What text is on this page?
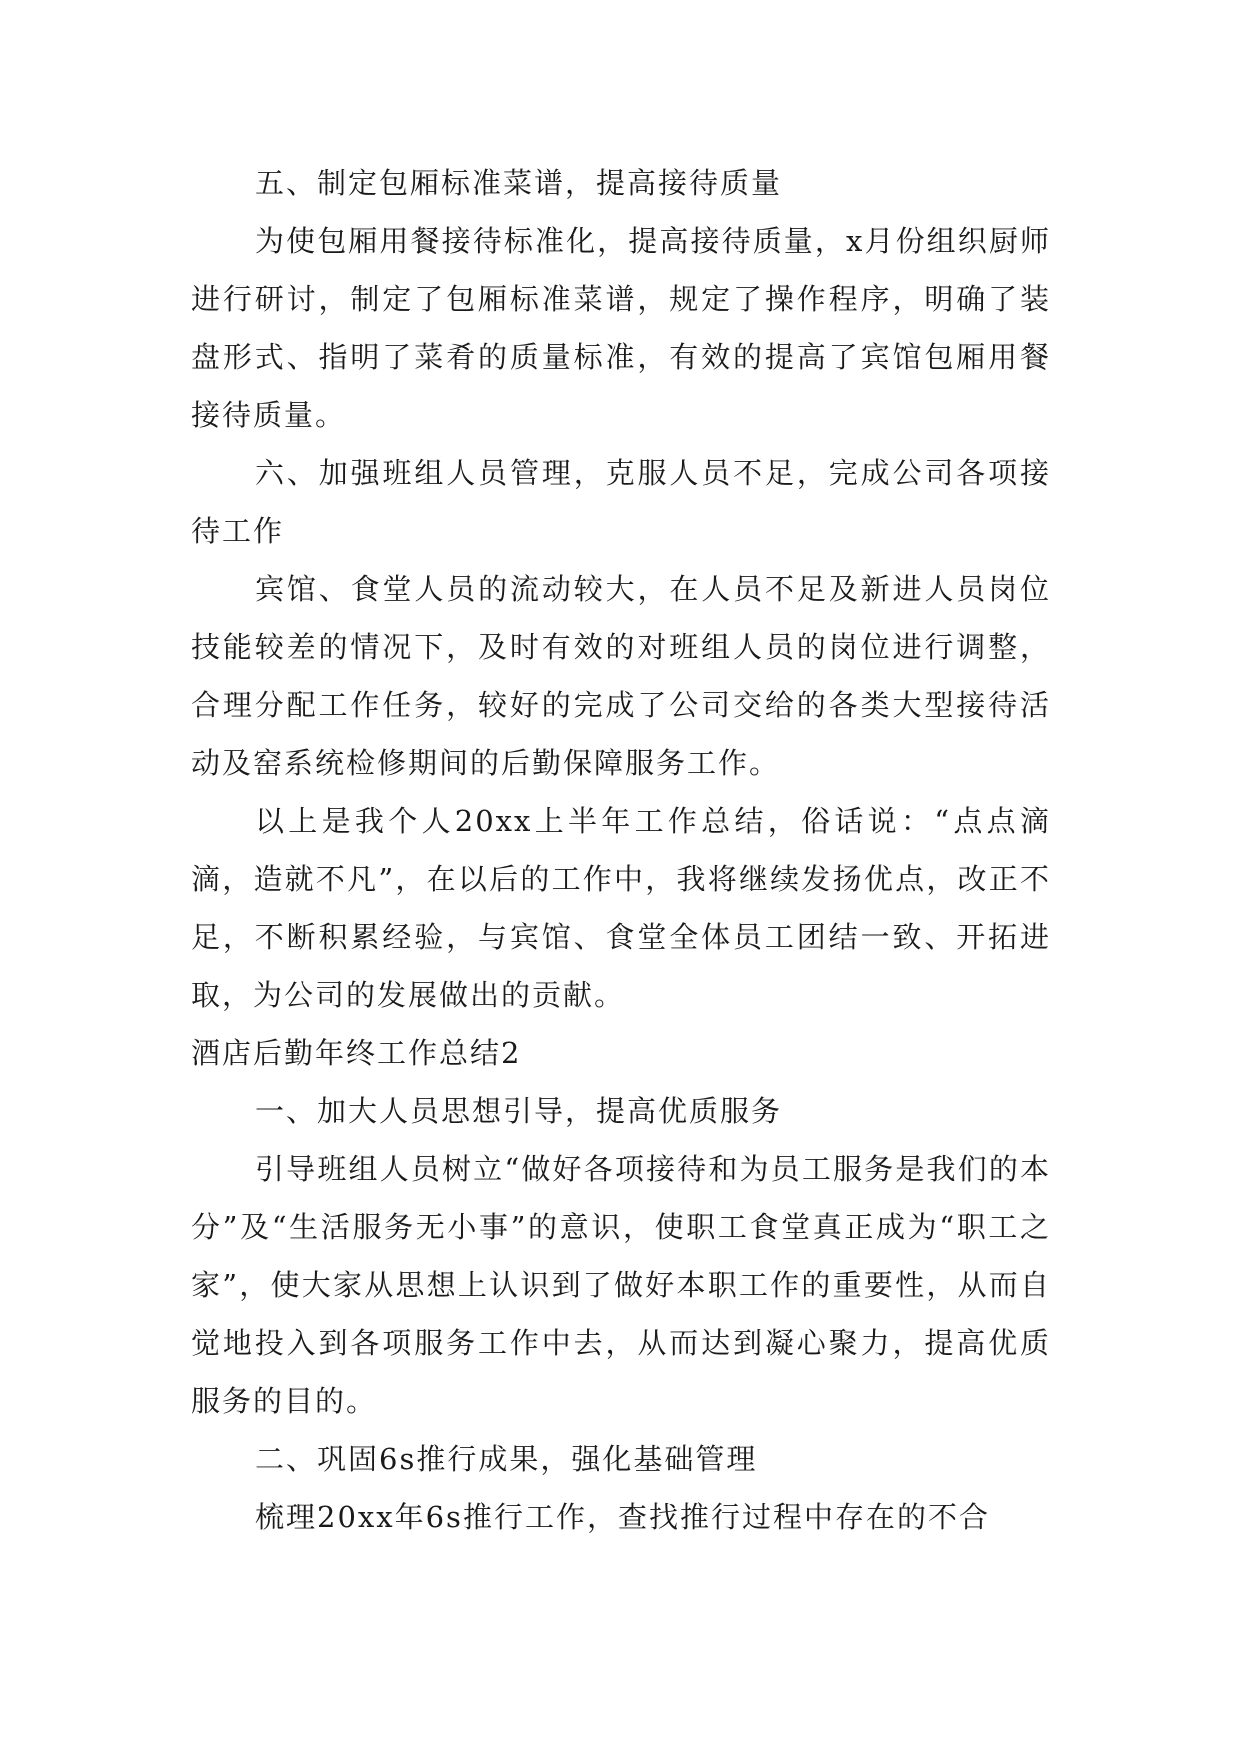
五、制定包厢标准菜谱，提高接待质量

为使包厢用餐接待标准化，提高接待质量，x月份组织厨师进行研讨，制定了包厢标准菜谱，规定了操作程序，明确了装盘形式、指明了菜肴的质量标准，有效的提高了宾馆包厢用餐接待质量。

六、加强班组人员管理，克服人员不足，完成公司各项接待工作

宾馆、食堂人员的流动较大，在人员不足及新进人员岗位技能较差的情况下，及时有效的对班组人员的岗位进行调整，合理分配工作任务，较好的完成了公司交给的各类大型接待活动及窑系统检修期间的后勤保障服务工作。

以上是我个人20xx上半年工作总结，俗话说：“点点滴滴，造就不凡”，在以后的工作中，我将继续发扬优点，改正不足，不断积累经验，与宾馆、食堂全体员工团结一致、开拓进取，为公司的发展做出的贡献。

酒店后勤年终工作总结2

一、加大人员思想引导，提高优质服务

引导班组人员树立“做好各项接待和为员工服务是我们的本分”及“生活服务无小事”的意识，使职工食堂真正成为“职工之家”，使大家从思想上认识到了做好本职工作的重要性，从而自觉地投入到各项服务工作中去，从而达到凝心聚力，提高优质服务的目的。

二、巩固6s推行成果，强化基础管理

梳理20xx年6s推行工作，查找推行过程中存在的不合
